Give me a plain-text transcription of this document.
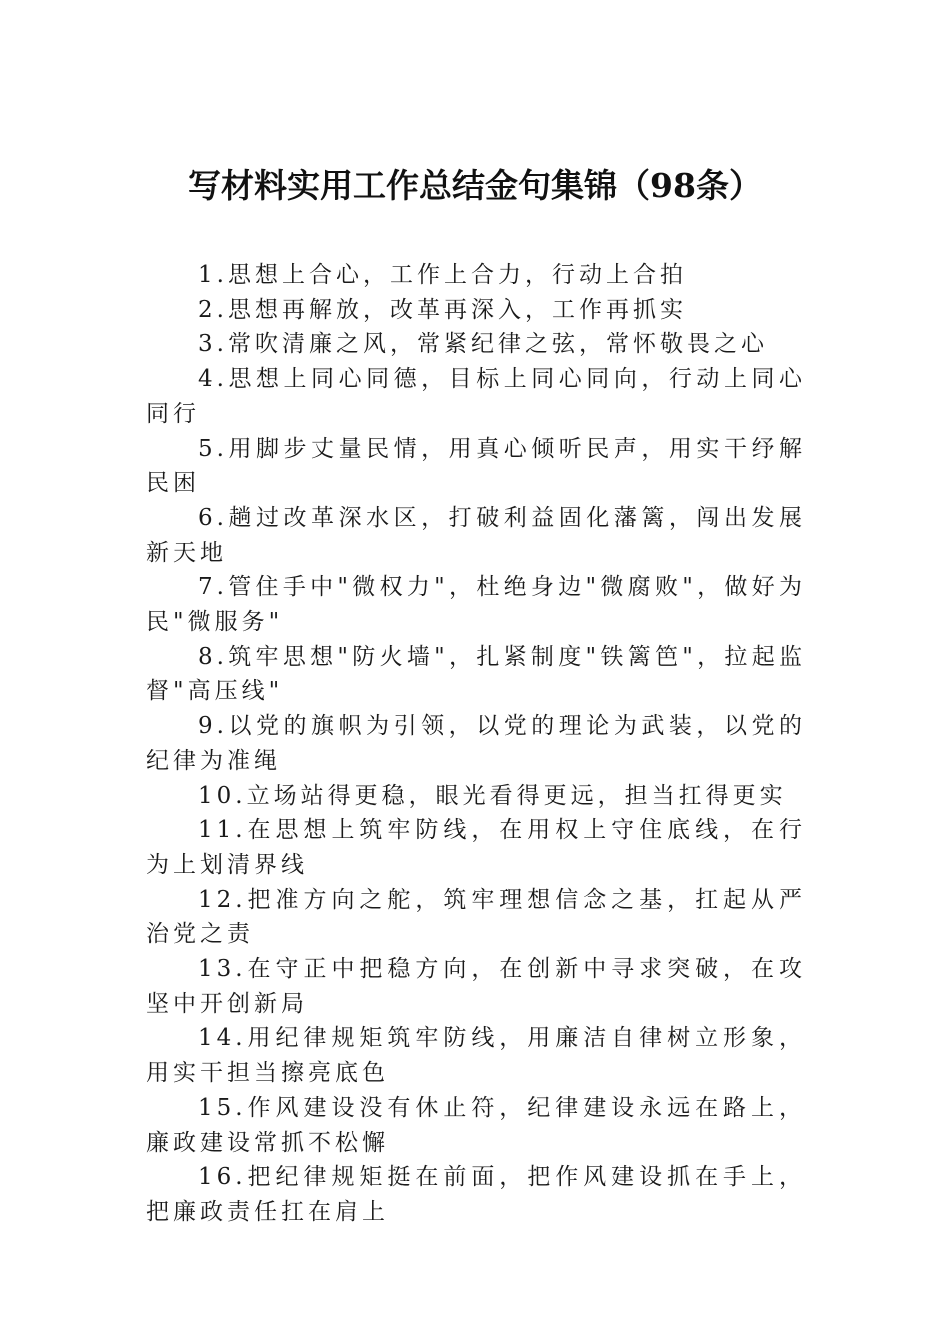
写材料实用工作总结金句集锦（98条）

1.思想上合心，工作上合力，行动上合拍

2.思想再解放，改革再深入，工作再抓实

3.常吹清廉之风，常紧纪律之弦，常怀敬畏之心

4.思想上同心同德，目标上同心同向，行动上同心同行

5.用脚步丈量民情，用真心倾听民声，用实干纾解民困

6.趟过改革深水区，打破利益固化藩篱，闯出发展新天地

7.管住手中"微权力"，杜绝身边"微腐败"，做好为民"微服务"

8.筑牢思想"防火墙"，扎紧制度"铁篱笆"，拉起监督"高压线"

9.以党的旗帜为引领，以党的理论为武装，以党的纪律为准绳

10.立场站得更稳，眼光看得更远，担当扛得更实

11.在思想上筑牢防线，在用权上守住底线，在行为上划清界线

12.把准方向之舵，筑牢理想信念之基，扛起从严治党之责

13.在守正中把稳方向，在创新中寻求突破，在攻坚中开创新局

14.用纪律规矩筑牢防线，用廉洁自律树立形象，用实干担当擦亮底色

15.作风建设没有休止符，纪律建设永远在路上，廉政建设常抓不松懈

16.把纪律规矩挺在前面，把作风建设抓在手上，把廉政责任扛在肩上
